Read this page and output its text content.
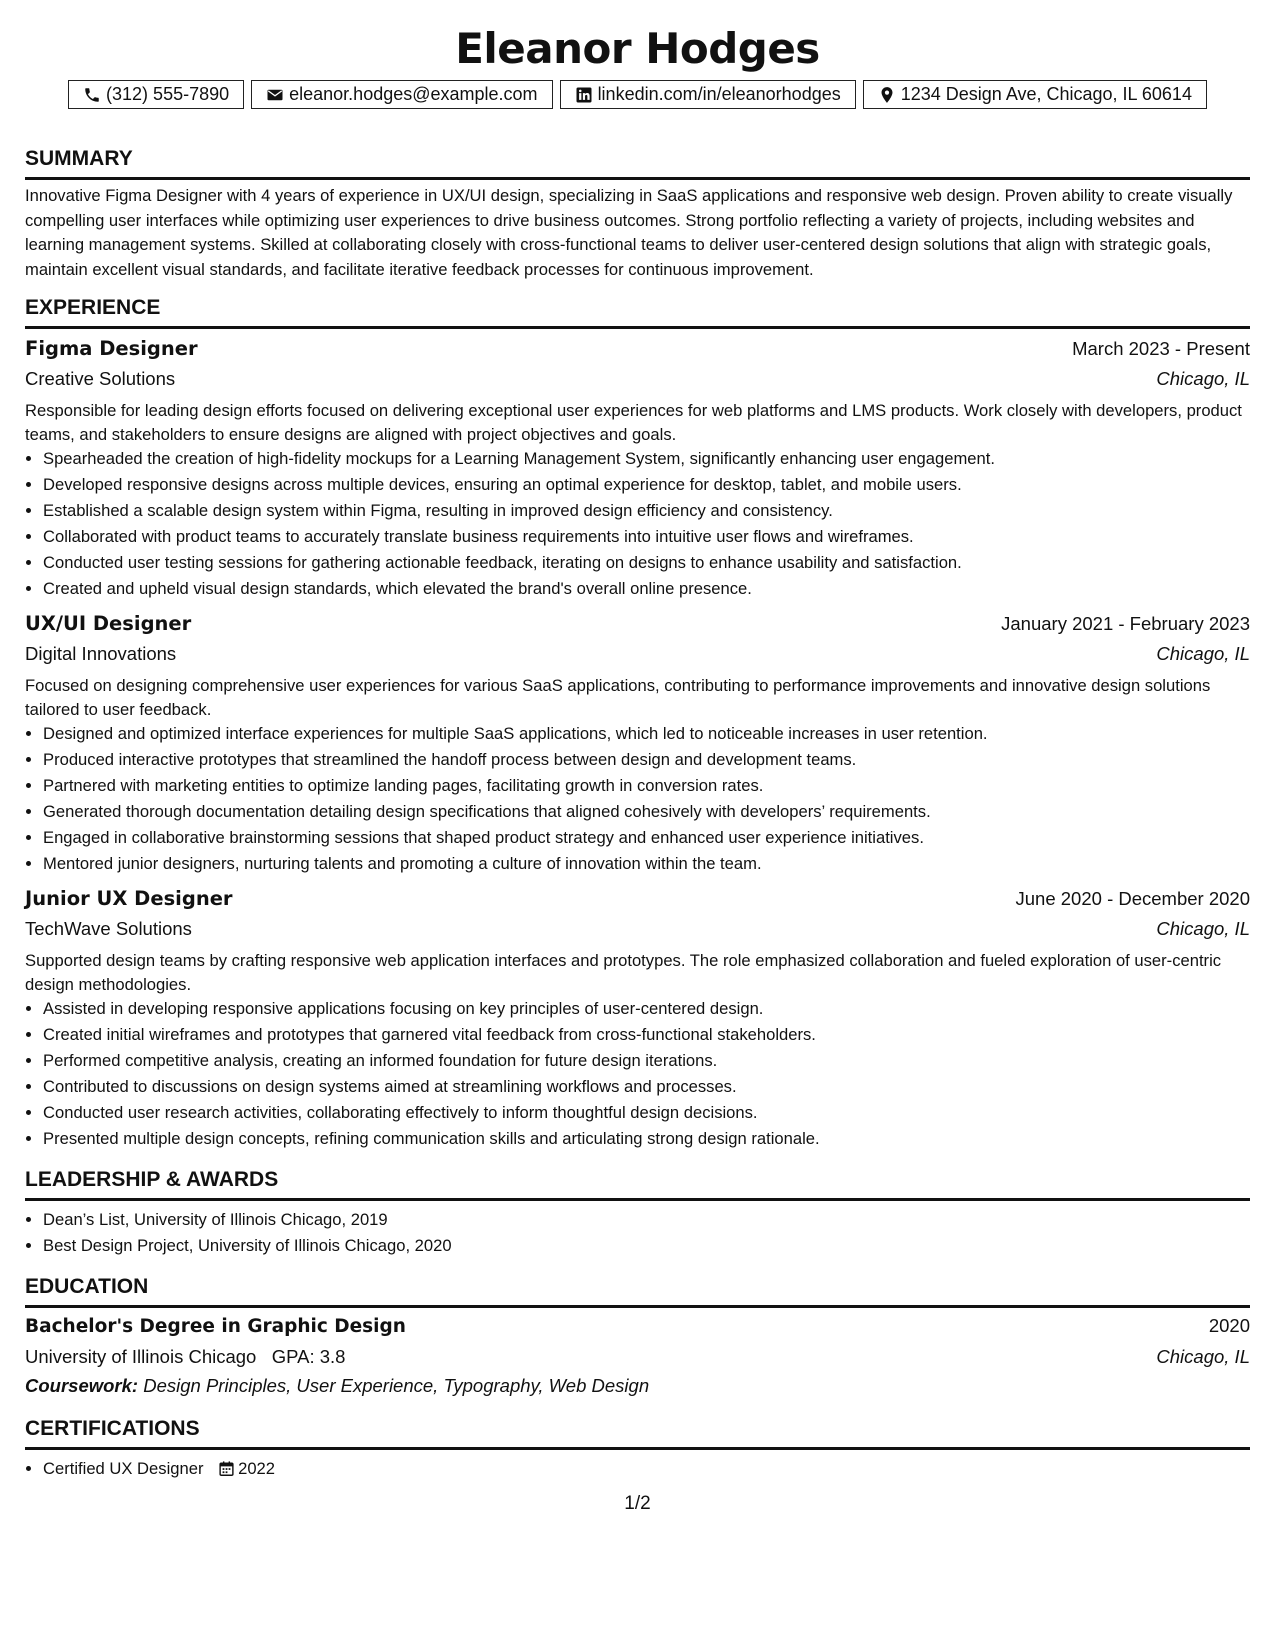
Eleanor Hodges
(312) 555-7890	eleanor.hodges@example.com	linkedin.com/in/eleanorhodges	1234 Design Ave, Chicago, IL 60614
SUMMARY

Innovative Figma Designer with 4 years of experience in UX/UI design, specializing in SaaS applications and responsive web design. Proven ability to create visually compelling user interfaces while optimizing user experiences to drive business outcomes. Strong portfolio reflecting a variety of projects, including websites and learning management systems. Skilled at collaborating closely with cross-functional teams to deliver user-centered design solutions that align with strategic goals, maintain excellent visual standards, and facilitate iterative feedback processes for continuous improvement.

EXPERIENCE
Figma Designer	March 2023 - Present
Creative Solutions	Chicago, IL

Responsible for leading design efforts focused on delivering exceptional user experiences for web platforms and LMS products. Work closely with developers, product teams, and stakeholders to ensure designs are aligned with project objectives and goals.

• Spearheaded the creation of high-fidelity mockups for a Learning Management System, significantly enhancing user engagement.
• Developed responsive designs across multiple devices, ensuring an optimal experience for desktop, tablet, and mobile users.
• Established a scalable design system within Figma, resulting in improved design efficiency and consistency.
• Collaborated with product teams to accurately translate business requirements into intuitive user flows and wireframes.
• Conducted user testing sessions for gathering actionable feedback, iterating on designs to enhance usability and satisfaction.
• Created and upheld visual design standards, which elevated the brand's overall online presence.
UX/UI Designer	January 2021 - February 2023
Digital Innovations	Chicago, IL

Focused on designing comprehensive user experiences for various SaaS applications, contributing to performance improvements and innovative design solutions tailored to user feedback.

• Designed and optimized interface experiences for multiple SaaS applications, which led to noticeable increases in user retention.
• Produced interactive prototypes that streamlined the handoff process between design and development teams.
• Partnered with marketing entities to optimize landing pages, facilitating growth in conversion rates.
• Generated thorough documentation detailing design specifications that aligned cohesively with developers’ requirements.
• Engaged in collaborative brainstorming sessions that shaped product strategy and enhanced user experience initiatives.
• Mentored junior designers, nurturing talents and promoting a culture of innovation within the team.
Junior UX Designer	June 2020 - December 2020
TechWave Solutions	Chicago, IL

Supported design teams by crafting responsive web application interfaces and prototypes. The role emphasized collaboration and fueled exploration of user-centric design methodologies.

• Assisted in developing responsive applications focusing on key principles of user-centered design.
• Created initial wireframes and prototypes that garnered vital feedback from cross-functional stakeholders.
• Performed competitive analysis, creating an informed foundation for future design iterations.
• Contributed to discussions on design systems aimed at streamlining workflows and processes.
• Conducted user research activities, collaborating effectively to inform thoughtful design decisions.
• Presented multiple design concepts, refining communication skills and articulating strong design rationale.
LEADERSHIP & AWARDS
• Dean’s List, University of Illinois Chicago, 2019
• Best Design Project, University of Illinois Chicago, 2020
EDUCATION
Bachelor's Degree in Graphic Design	2020
University of Illinois Chicago GPA: 3.8	Chicago, IL
Coursework: Design Principles, User Experience, Typography, Web Design
CERTIFICATIONS
• Certified UX Designer 2022
1/2
